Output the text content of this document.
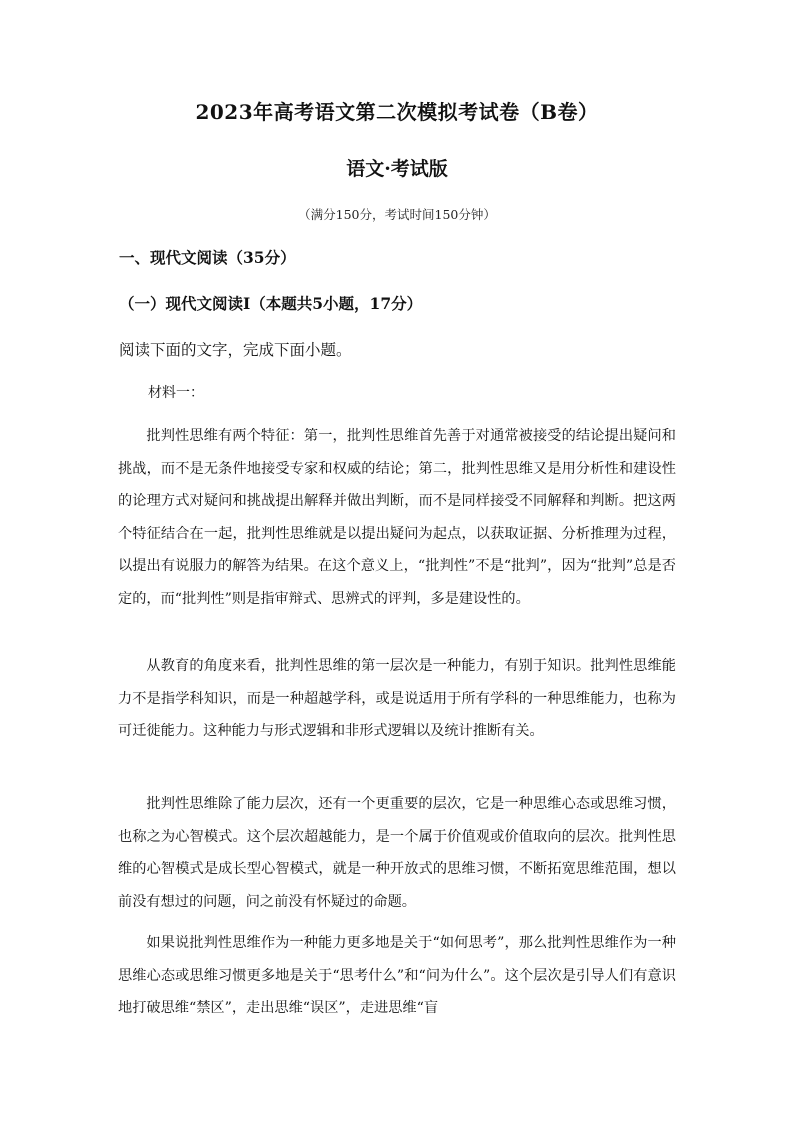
2023年高考语文第二次模拟考试卷（B卷）
语文·考试版
（满分150分，考试时间150分钟）
一、现代文阅读（35分）
（一）现代文阅读Ⅰ（本题共5小题，17分）
阅读下面的文字，完成下面小题。
材料一：

批判性思维有两个特征：第一，批判性思维首先善于对通常被接受的结论提出疑问和挑战，而不是无条件地接受专家和权威的结论；第二，批判性思维又是用分析性和建设性的论理方式对疑问和挑战提出解释并做出判断，而不是同样接受不同解释和判断。把这两个特征结合在一起，批判性思维就是以提出疑问为起点，以获取证据、分析推理为过程，以提出有说服力的解答为结果。在这个意义上，“批判性”不是“批判”，因为“批判”总是否定的，而“批判性”则是指审辩式、思辨式的评判，多是建设性的。

从教育的角度来看，批判性思维的第一层次是一种能力，有别于知识。批判性思维能力不是指学科知识，而是一种超越学科，或是说适用于所有学科的一种思维能力，也称为可迁徙能力。这种能力与形式逻辑和非形式逻辑以及统计推断有关。

批判性思维除了能力层次，还有一个更重要的层次，它是一种思维心态或思维习惯，也称之为心智模式。这个层次超越能力，是一个属于价值观或价值取向的层次。批判性思维的心智模式是成长型心智模式，就是一种开放式的思维习惯，不断拓宽思维范围，想以前没有想过的问题，问之前没有怀疑过的命题。

如果说批判性思维作为一种能力更多地是关于“如何思考”，那么批判性思维作为一种思维心态或思维习惯更多地是关于“思考什么”和“问为什么”。这个层次是引导人们有意识地打破思维“禁区”，走出思维“误区”，走进思维“盲
